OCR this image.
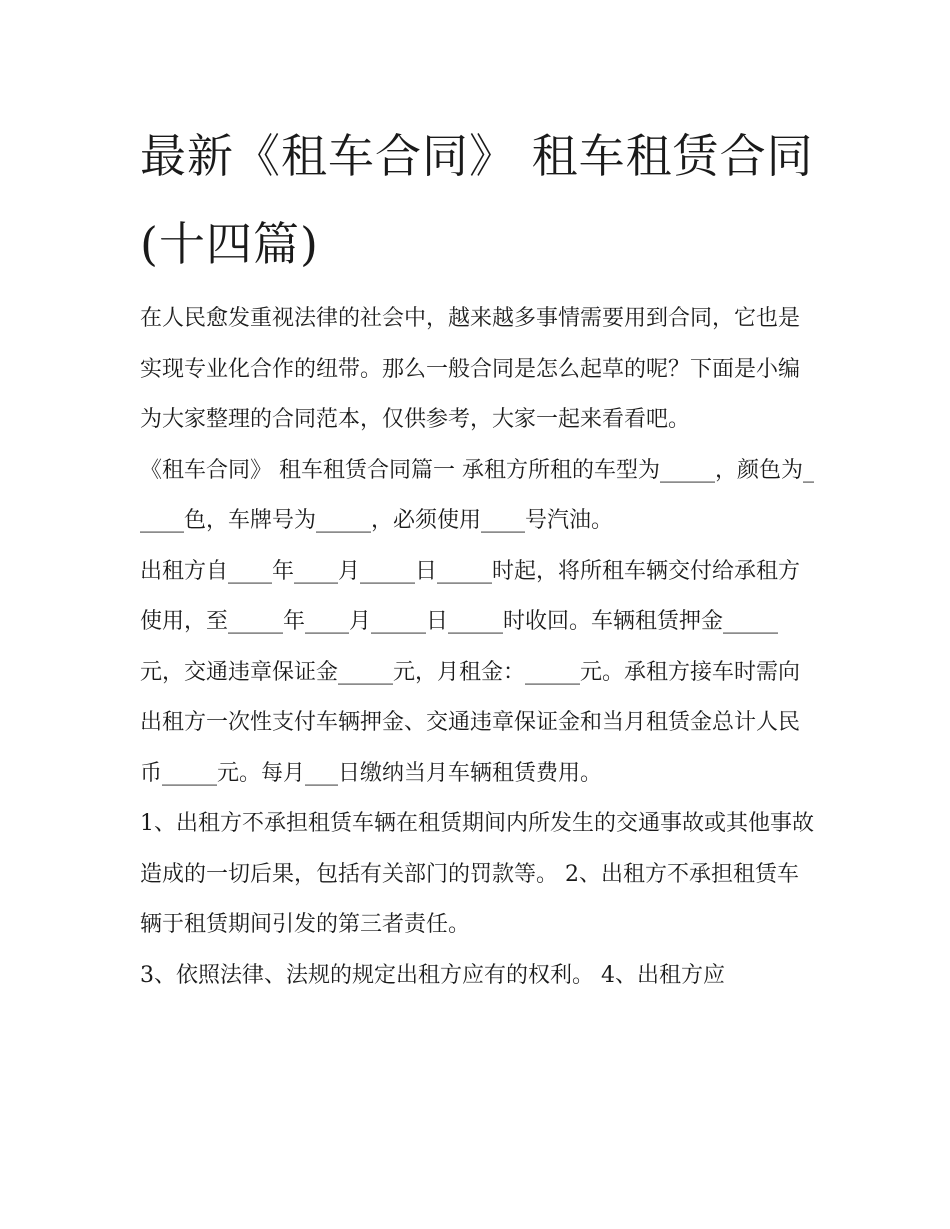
最新《租车合同》 租车租赁合同(十四篇)

在人民愈发重视法律的社会中，越来越多事情需要用到合同，它也是实现专业化合作的纽带。那么一般合同是怎么起草的呢？下面是小编为大家整理的合同范本，仅供参考，大家一起来看看吧。

《租车合同》 租车租赁合同篇一 承租方所租的车型为_____，颜色为_____色，车牌号为_____，必须使用____号汽油。

出租方自____年____月_____日_____时起，将所租车辆交付给承租方使用，至_____年____月_____日_____时收回。车辆租赁押金_____元，交通违章保证金_____元，月租金：_____元。承租方接车时需向出租方一次性支付车辆押金、交通违章保证金和当月租赁金总计人民币_____元。每月___日缴纳当月车辆租赁费用。

1、出租方不承担租赁车辆在租赁期间内所发生的交通事故或其他事故造成的一切后果，包括有关部门的罚款等。 2、出租方不承担租赁车辆于租赁期间引发的第三者责任。

3、依照法律、法规的规定出租方应有的权利。 4、出租方应
